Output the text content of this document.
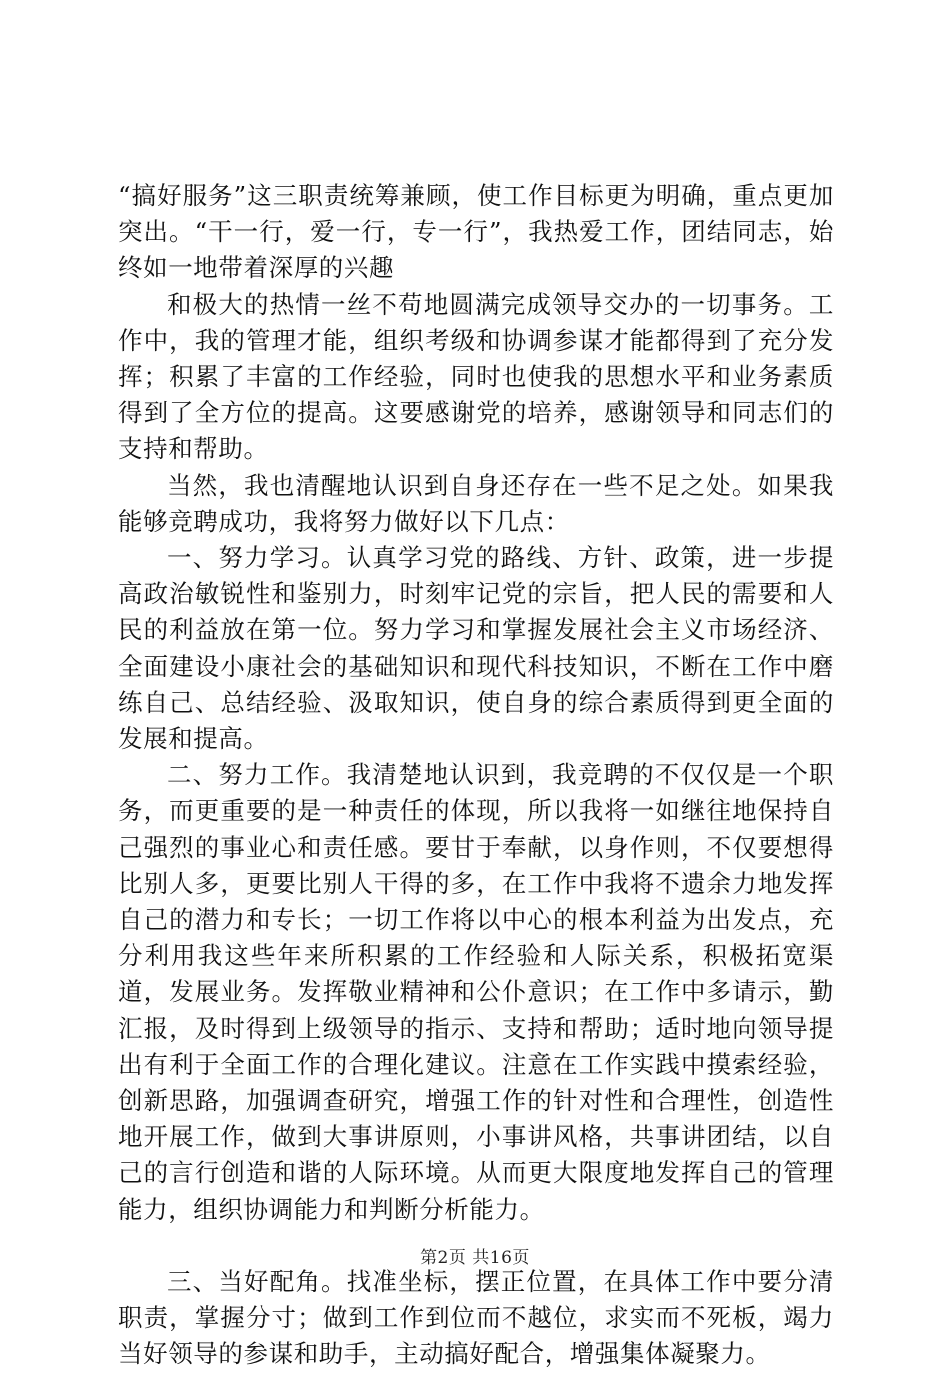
“搞好服务”这三职责统筹兼顾，使工作目标更为明确，重点更加突出。“干一行，爱一行，专一行”，我热爱工作，团结同志，始终如一地带着深厚的兴趣

和极大的热情一丝不苟地圆满完成领导交办的一切事务。工作中，我的管理才能，组织考级和协调参谋才能都得到了充分发挥；积累了丰富的工作经验，同时也使我的思想水平和业务素质得到了全方位的提高。这要感谢党的培养，感谢领导和同志们的支持和帮助。

当然，我也清醒地认识到自身还存在一些不足之处。如果我能够竞聘成功，我将努力做好以下几点：

一、努力学习。认真学习党的路线、方针、政策，进一步提高政治敏锐性和鉴别力，时刻牢记党的宗旨，把人民的需要和人民的利益放在第一位。努力学习和掌握发展社会主义市场经济、全面建设小康社会的基础知识和现代科技知识，不断在工作中磨练自己、总结经验、汲取知识，使自身的综合素质得到更全面的发展和提高。

二、努力工作。我清楚地认识到，我竞聘的不仅仅是一个职务，而更重要的是一种责任的体现，所以我将一如继往地保持自己强烈的事业心和责任感。要甘于奉献，以身作则，不仅要想得比别人多，更要比别人干得的多，在工作中我将不遗余力地发挥自己的潜力和专长；一切工作将以中心的根本利益为出发点，充分利用我这些年来所积累的工作经验和人际关系，积极拓宽渠道，发展业务。发挥敬业精神和公仆意识；在工作中多请示，勤汇报，及时得到上级领导的指示、支持和帮助；适时地向领导提出有利于全面工作的合理化建议。注意在工作实践中摸索经验，创新思路，加强调查研究，增强工作的针对性和合理性，创造性地开展工作，做到大事讲原则，小事讲风格，共事讲团结，以自己的言行创造和谐的人际环境。从而更大限度地发挥自己的管理能力，组织协调能力和判断分析能力。

三、当好配角。找准坐标，摆正位置，在具体工作中要分清职责，掌握分寸；做到工作到位而不越位，求实而不死板，竭力当好领导的参谋和助手，主动搞好配合，增强集体凝聚力。

第2页 共16页
